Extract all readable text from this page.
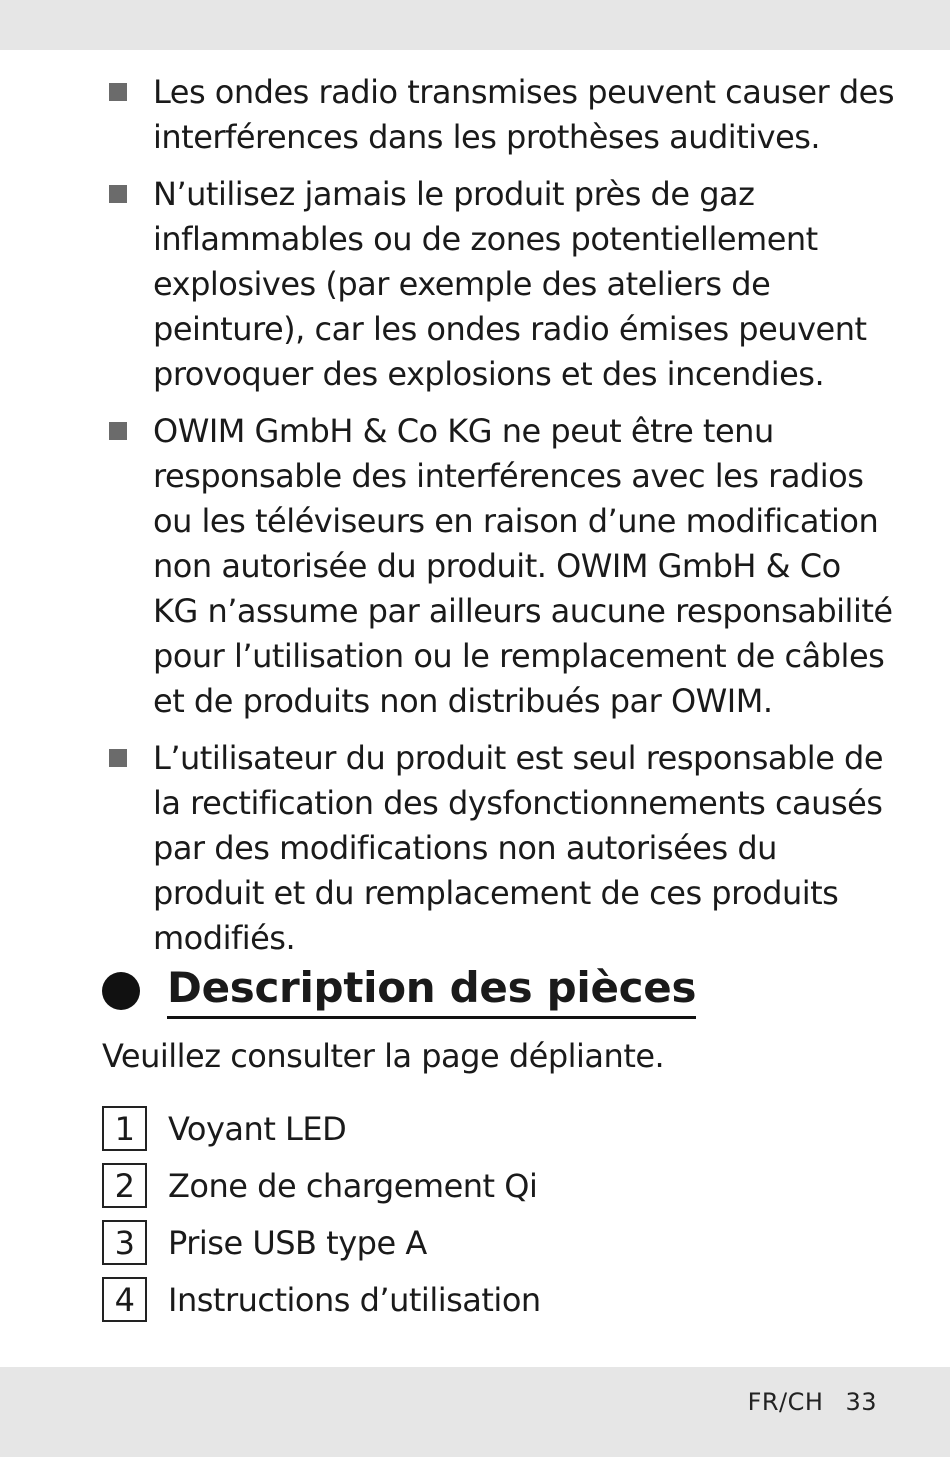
Les ondes radio transmises peuvent causer des interférences dans les prothèses auditives.
N’utilisez jamais le produit près de gaz inflammables ou de zones potentiellement explosives (par exemple des ateliers de peinture), car les ondes radio émises peuvent provoquer des explosions et des incendies.
OWIM GmbH & Co KG ne peut être tenu responsable des interférences avec les radios ou les téléviseurs en raison d’une modification non autorisée du produit. OWIM GmbH & Co KG n’assume par ailleurs aucune responsabilité pour l’utilisation ou le remplacement de câbles et de produits non distribués par OWIM.
L’utilisateur du produit est seul responsable de la rectification des dysfonctionnements causés par des modifications non autorisées du produit et du remplacement de ces produits modifiés.
Description des pièces
Veuillez consulter la page dépliante.
1	Voyant LED
2	Zone de chargement Qi
3	Prise USB type A
4	Instructions d’utilisation
FR/CH 33
